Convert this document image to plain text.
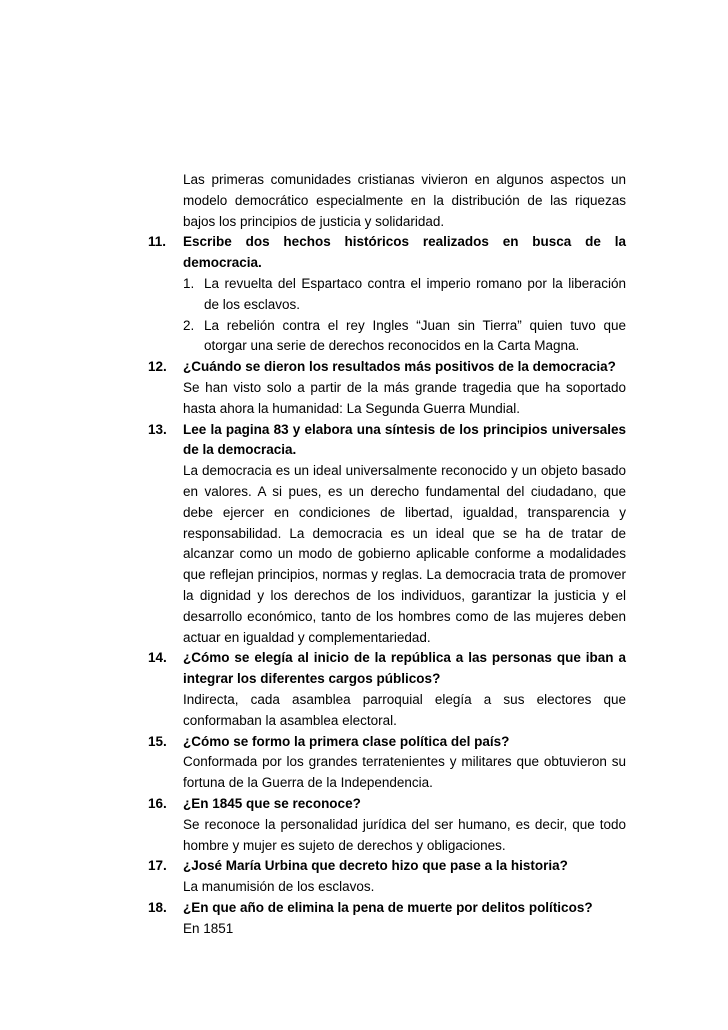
Las primeras comunidades cristianas vivieron en algunos aspectos un modelo democrático especialmente en la distribución de las riquezas bajos los principios de justicia y solidaridad.

11.	Escribe dos hechos históricos realizados en busca de la democracia.
1. La revuelta del Espartaco contra el imperio romano por la liberación de los esclavos.
2. La rebelión contra el rey Ingles “Juan sin Tierra” quien tuvo que otorgar una serie de derechos reconocidos en la Carta Magna.
12.	¿Cuándo se dieron los resultados más positivos de la democracia?

Se han visto solo a partir de la más grande tragedia que ha soportado hasta ahora la humanidad: La Segunda Guerra Mundial.

13.	Lee la pagina 83 y elabora una síntesis de los principios universales de la democracia.

La democracia es un ideal universalmente reconocido y un objeto basado en valores. A si pues, es un derecho fundamental del ciudadano, que debe ejercer en condiciones de libertad, igualdad, transparencia y responsabilidad. La democracia es un ideal que se ha de tratar de alcanzar como un modo de gobierno aplicable conforme a modalidades que reflejan principios, normas y reglas. La democracia trata de promover la dignidad y los derechos de los individuos, garantizar la justicia y el desarrollo económico, tanto de los hombres como de las mujeres deben actuar en igualdad y complementariedad.

14.	¿Cómo se elegía al inicio de la república a las personas que iban a integrar los diferentes cargos públicos?

Indirecta, cada asamblea parroquial elegía a sus electores que conformaban la asamblea electoral.

15.	¿Cómo se formo la primera clase política del país?

Conformada por los grandes terratenientes y militares que obtuvieron su fortuna de la Guerra de la Independencia.

16.	¿En 1845 que se reconoce?

Se reconoce la personalidad jurídica del ser humano, es decir, que todo hombre y mujer es sujeto de derechos y obligaciones.

17.	¿José María Urbina que decreto hizo que pase a la historia?

La manumisión de los esclavos.

18.	¿En que año de elimina la pena de muerte por delitos políticos?

En 1851
